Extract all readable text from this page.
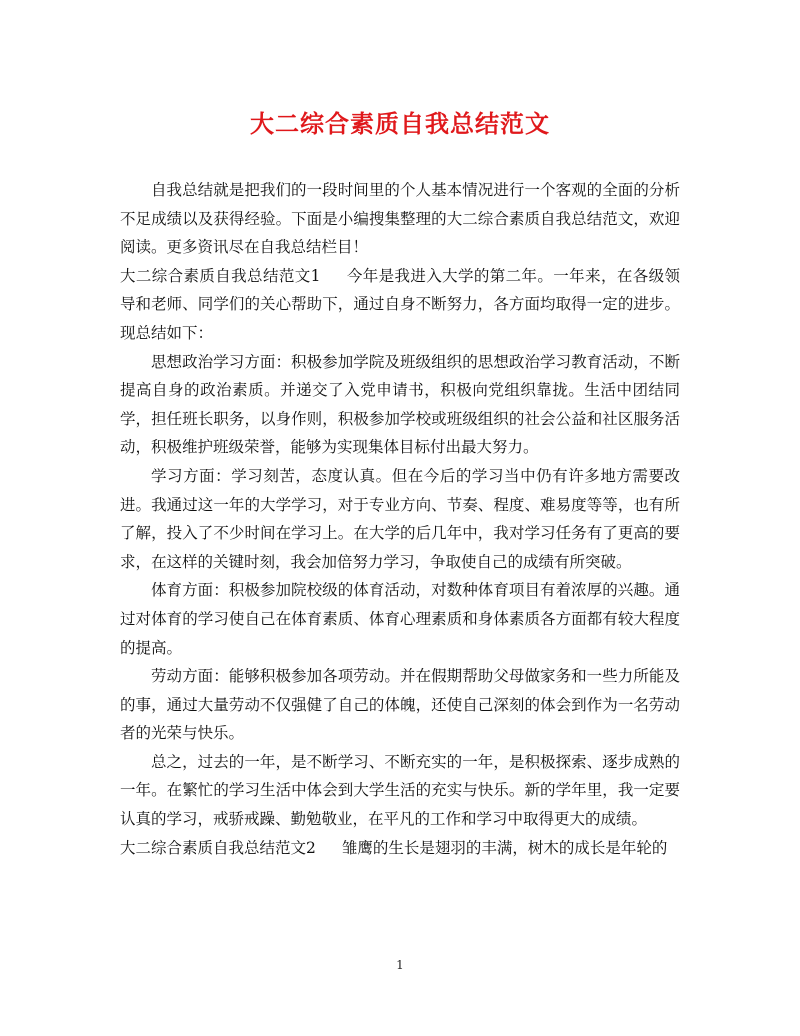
大二综合素质自我总结范文

自我总结就是把我们的一段时间里的个人基本情况进行一个客观的全面的分析不足成绩以及获得经验。下面是小编搜集整理的大二综合素质自我总结范文，欢迎阅读。更多资讯尽在自我总结栏目！

大二综合素质自我总结范文1 今年是我进入大学的第二年。一年来，在各级领导和老师、同学们的关心帮助下，通过自身不断努力，各方面均取得一定的进步。现总结如下：

思想政治学习方面：积极参加学院及班级组织的思想政治学习教育活动，不断提高自身的政治素质。并递交了入党申请书，积极向党组织靠拢。生活中团结同学，担任班长职务，以身作则，积极参加学校或班级组织的社会公益和社区服务活动，积极维护班级荣誉，能够为实现集体目标付出最大努力。

学习方面：学习刻苦，态度认真。但在今后的学习当中仍有许多地方需要改进。我通过这一年的大学学习，对于专业方向、节奏、程度、难易度等等，也有所了解，投入了不少时间在学习上。在大学的后几年中，我对学习任务有了更高的要求，在这样的关键时刻，我会加倍努力学习，争取使自己的成绩有所突破。

体育方面：积极参加院校级的体育活动，对数种体育项目有着浓厚的兴趣。通过对体育的学习使自己在体育素质、体育心理素质和身体素质各方面都有较大程度的提高。

劳动方面：能够积极参加各项劳动。并在假期帮助父母做家务和一些力所能及的事，通过大量劳动不仅强健了自己的体魄，还使自己深刻的体会到作为一名劳动者的光荣与快乐。

总之，过去的一年，是不断学习、不断充实的一年，是积极探索、逐步成熟的一年。在繁忙的学习生活中体会到大学生活的充实与快乐。新的学年里，我一定要认真的学习，戒骄戒躁、勤勉敬业，在平凡的工作和学习中取得更大的成绩。

大二综合素质自我总结范文2 雏鹰的生长是翅羽的丰满，树木的成长是年轮的

1
